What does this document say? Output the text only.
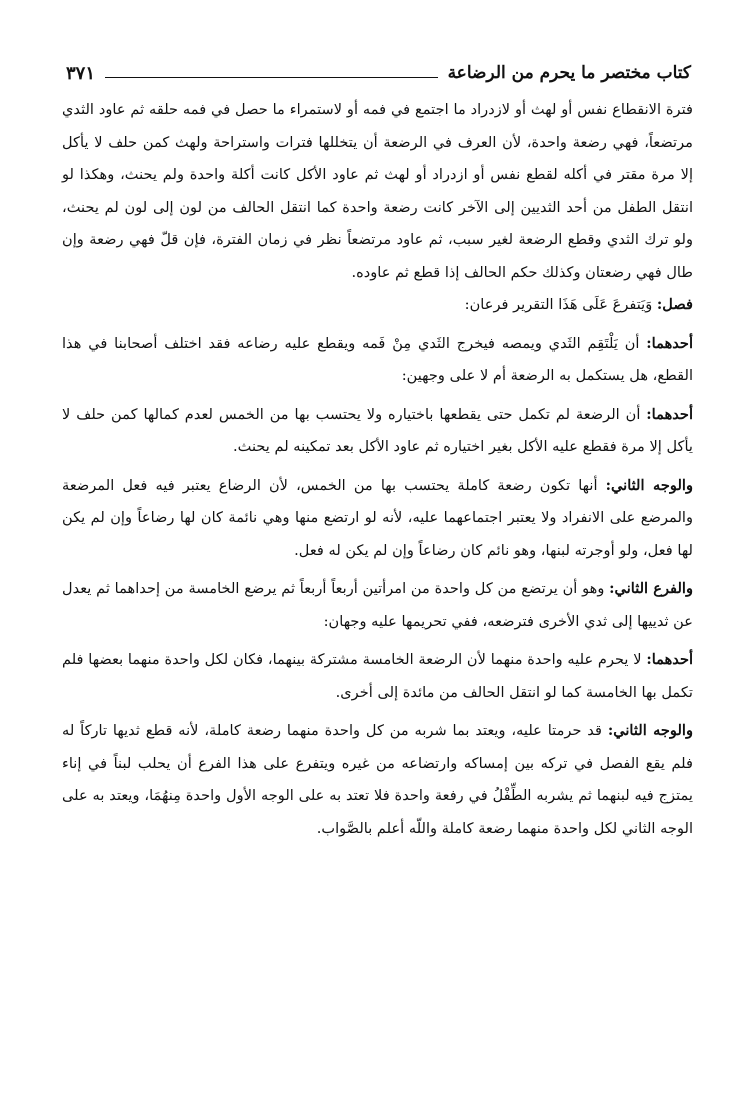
كتاب مختصر ما يحرم من الرضاعة
٣٧١

فترة الانقطاع نفس أو لهث أو لازدراد ما اجتمع في فمه أو لاستمراء ما حصل في فمه حلقه ثم عاود الثدي مرتضعاً، فهي رضعة واحدة، لأن العرف في الرضعة أن يتخللها فترات واستراحة ولهث كمن حلف لا يأكل إلا مرة مقتر في أكله لقطع نفس أو ازدراد أو لهث ثم عاود الأكل كانت أكلة واحدة ولم يحنث، وهكذا لو انتقل الطفل من أحد الثديين إلى الآخر كانت رضعة واحدة كما انتقل الحالف من لون إلى لون لم يحنث، ولو ترك الثدي وقطع الرضعة لغير سبب، ثم عاود مرتضعاً نظر في زمان الفترة، فإن قلّ فهي رضعة وإن طال فهي رضعتان وكذلك حكم الحالف إذا قطع ثم عاوده.

فصل: وَيَتفرعَ عَلَى هَذَا التقرير فرعان:

أحدهما: أن يَلْتَقِم الثَدي ويمصه فيخرج الثَدي مِنْ فَمه ويقطع عليه رضاعه فقد اختلف أصحابنا في هذا القطع، هل يستكمل به الرضعة أم لا على وجهين:

أحدهما: أن الرضعة لم تكمل حتى يقطعها باختياره ولا يحتسب بها من الخمس لعدم كمالها كمن حلف لا يأكل إلا مرة فقطع عليه الأكل بغير اختياره ثم عاود الأكل بعد تمكينه لم يحنث.

والوجه الثاني: أنها تكون رضعة كاملة يحتسب بها من الخمس، لأن الرضاع يعتبر فيه فعل المرضعة والمرضع على الانفراد ولا يعتبر اجتماعهما عليه، لأنه لو ارتضع منها وهي نائمة كان لها رضاعاً وإن لم يكن لها فعل، ولو أوجرته لبنها، وهو نائم كان رضاعاً وإن لم يكن له فعل.

والفرع الثاني: وهو أن يرتضع من كل واحدة من امرأتين أربعاً أربعاً ثم يرضع الخامسة من إحداهما ثم يعدل عن ثدييها إلى ثدي الأخرى فترضعه، ففي تحريمها عليه وجهان:

أحدهما: لا يحرم عليه واحدة منهما لأن الرضعة الخامسة مشتركة بينهما، فكان لكل واحدة منهما بعضها فلم تكمل بها الخامسة كما لو انتقل الحالف من مائدة إلى أخرى.

والوجه الثاني: قد حرمتا عليه، ويعتد بما شربه من كل واحدة منهما رضعة كاملة، لأنه قطع ثديها تاركاً له فلم يقع الفصل في تركه بين إمساكه وارتضاعه من غيره ويتفرع على هذا الفرع أن يحلب لبناً في إناء يمتزج فيه لبنهما ثم يشربه الطِّفْلُ في رفعة واحدة فلا تعتد به على الوجه الأول واحدة مِنهُمَا، ويعتد به على الوجه الثاني لكل واحدة منهما رضعة كاملة واللّه أعلم بالصَّواب.
